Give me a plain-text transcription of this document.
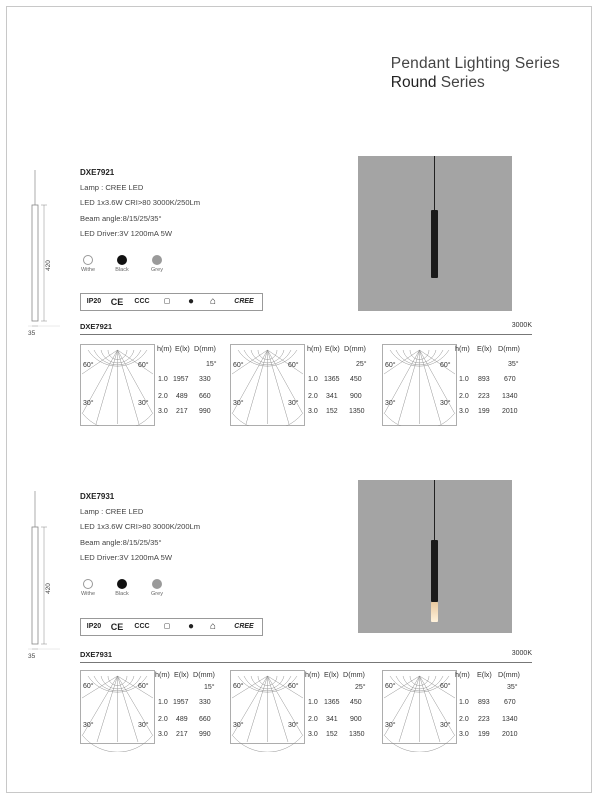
Pendant Lighting Series
Round Series
420
35
DXE7921
Lamp : CREE LED
LED 1x3.6W CRI>80 3000K/250Lm
Beam angle:8/15/25/35°
LED Driver:3V 1200mA 5W
Withe	Black	Grey
IP20	CE	CCC	▢	●	⌂	CREE
DXE7921	3000K
60°	60°
30°	30°
h(m) E(lx) D(mm)
15°
1.0 1957 330
2.0 489 660
3.0 217 990
60°	60°
30°	30°
h(m) E(lx) D(mm)
25°
1.0 1365 450
2.0 341 900
3.0 152 1350
60°	60°
30°	30°
h(m) E(lx) D(mm)
35°
1.0 893 670
2.0 223 1340
3.0 199 2010
420
35
DXE7931
Lamp : CREE LED
LED 1x3.6W CRI>80 3000K/200Lm
Beam angle:8/15/25/35°
LED Driver:3V 1200mA 5W
Withe	Black	Grey
IP20	CE	CCC	▢	●	⌂	CREE
DXE7931	3000K
60°	60°
30°	30°
h(m) E(lx) D(mm)
15°
1.0 1957 330
2.0 489 660
3.0 217 990
60°	60°
30°	30°
h(m) E(lx) D(mm)
25°
1.0 1365 450
2.0 341 900
3.0 152 1350
60°	60°
30°	30°
h(m) E(lx) D(mm)
35°
1.0 893 670
2.0 223 1340
3.0 199 2010
